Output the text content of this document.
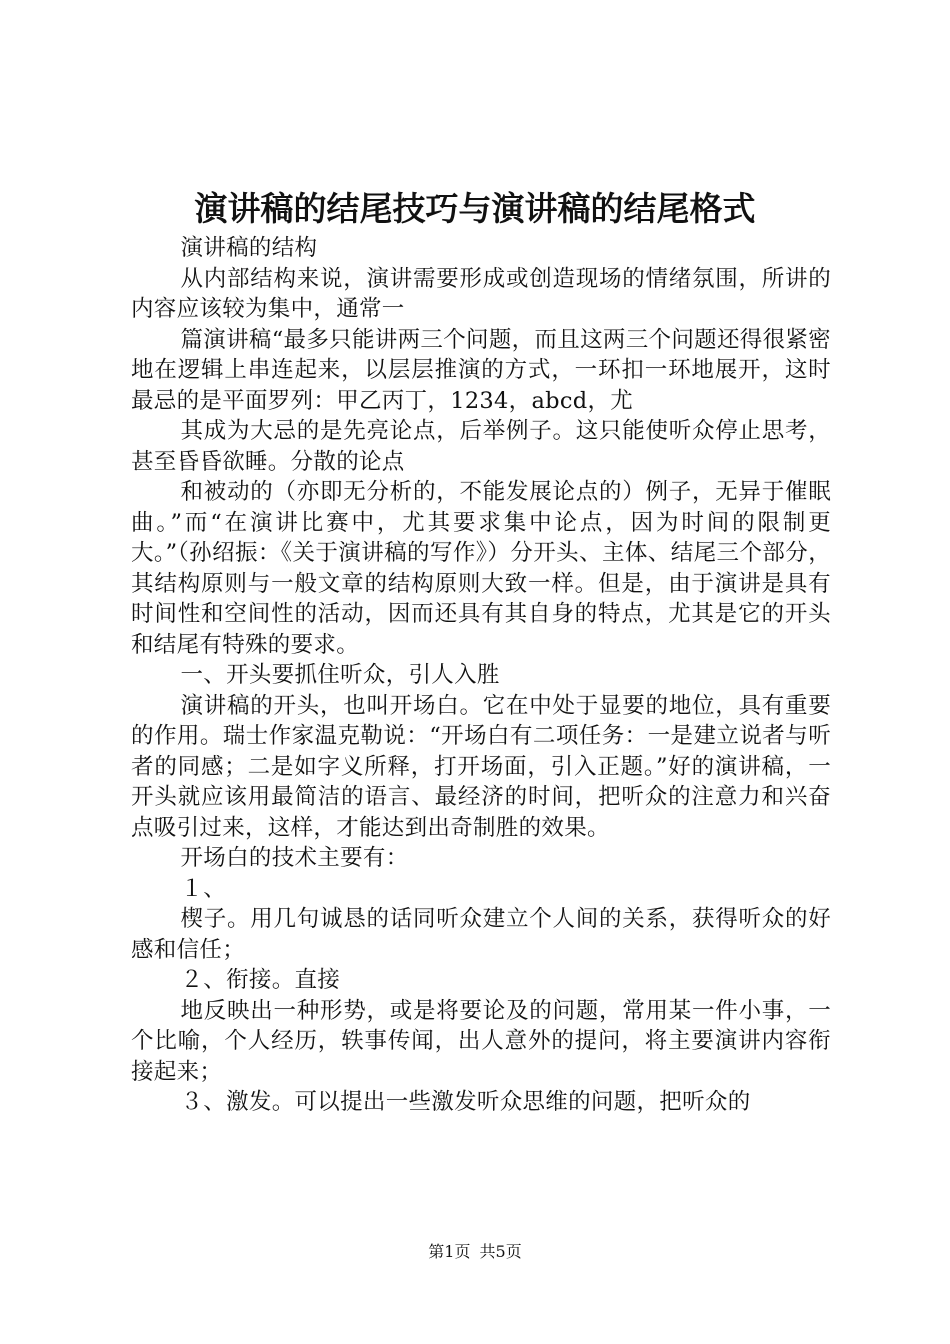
演讲稿的结尾技巧与演讲稿的结尾格式

演讲稿的结构

从内部结构来说，演讲需要形成或创造现场的情绪氛围，所讲的内容应该较为集中，通常一

篇演讲稿“最多只能讲两三个问题，而且这两三个问题还得很紧密地在逻辑上串连起来，以层层推演的方式，一环扣一环地展开，这时最忌的是平面罗列：甲乙丙丁，1234，abcd，尤

其成为大忌的是先亮论点，后举例子。这只能使听众停止思考，甚至昏昏欲睡。分散的论点

和被动的（亦即无分析的，不能发展论点的）例子，无异于催眠曲。”而“在演讲比赛中，尤其要求集中论点，因为时间的限制更大。”（孙绍振：《关于演讲稿的写作》）分开头、主体、结尾三个部分，其结构原则与一般文章的结构原则大致一样。但是，由于演讲是具有时间性和空间性的活动，因而还具有其自身的特点，尤其是它的开头和结尾有特殊的要求。

一、开头要抓住听众，引人入胜

演讲稿的开头，也叫开场白。它在中处于显要的地位，具有重要的作用。瑞士作家温克勒说：“开场白有二项任务：一是建立说者与听者的同感；二是如字义所释，打开场面，引入正题。”好的演讲稿，一开头就应该用最简洁的语言、最经济的时间，把听众的注意力和兴奋点吸引过来，这样，才能达到出奇制胜的效果。

开场白的技术主要有：

１、

楔子。用几句诚恳的话同听众建立个人间的关系，获得听众的好感和信任；

２、衔接。直接

地反映出一种形势，或是将要论及的问题，常用某一件小事，一个比喻，个人经历，轶事传闻，出人意外的提问，将主要演讲内容衔接起来；

３、激发。可以提出一些激发听众思维的问题，把听众的

第1页 共5页
